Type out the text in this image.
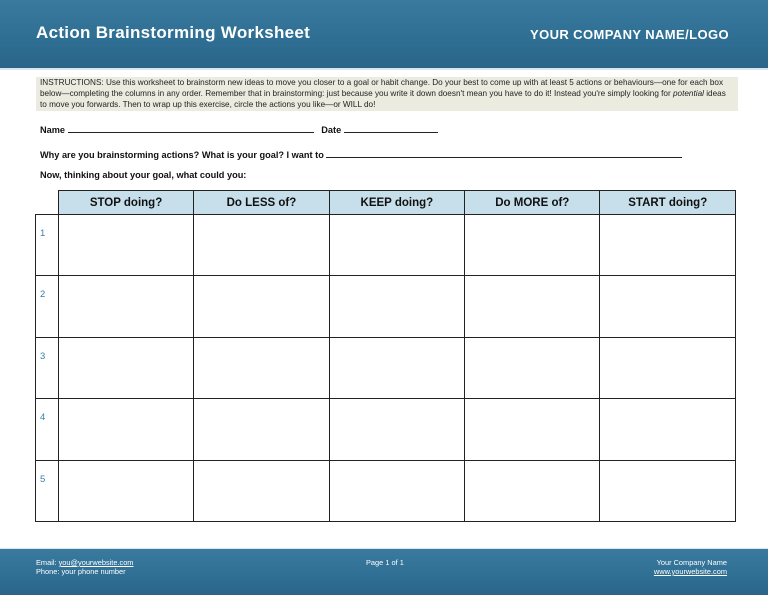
Action Brainstorming Worksheet	YOUR COMPANY NAME/LOGO
INSTRUCTIONS: Use this worksheet to brainstorm new ideas to move you closer to a goal or habit change. Do your best to come up with at least 5 actions or behaviours—one for each box below—completing the columns in any order. Remember that in brainstorming: just because you write it down doesn't mean you have to do it! Instead you're simply looking for potential ideas to move you forwards. Then to wrap up this exercise, circle the actions you like—or WILL do!
Name	Date
Why are you brainstorming actions? What is your goal? I want to
Now, thinking about your goal, what could you:
	STOP doing?	Do LESS of?	KEEP doing?	Do MORE of?	START doing?
1					
2					
3					
4					
5					
Email: you@yourwebsite.com
Phone: your phone number
Page 1 of 1	Your Company Name
www.yourwebsite.com
